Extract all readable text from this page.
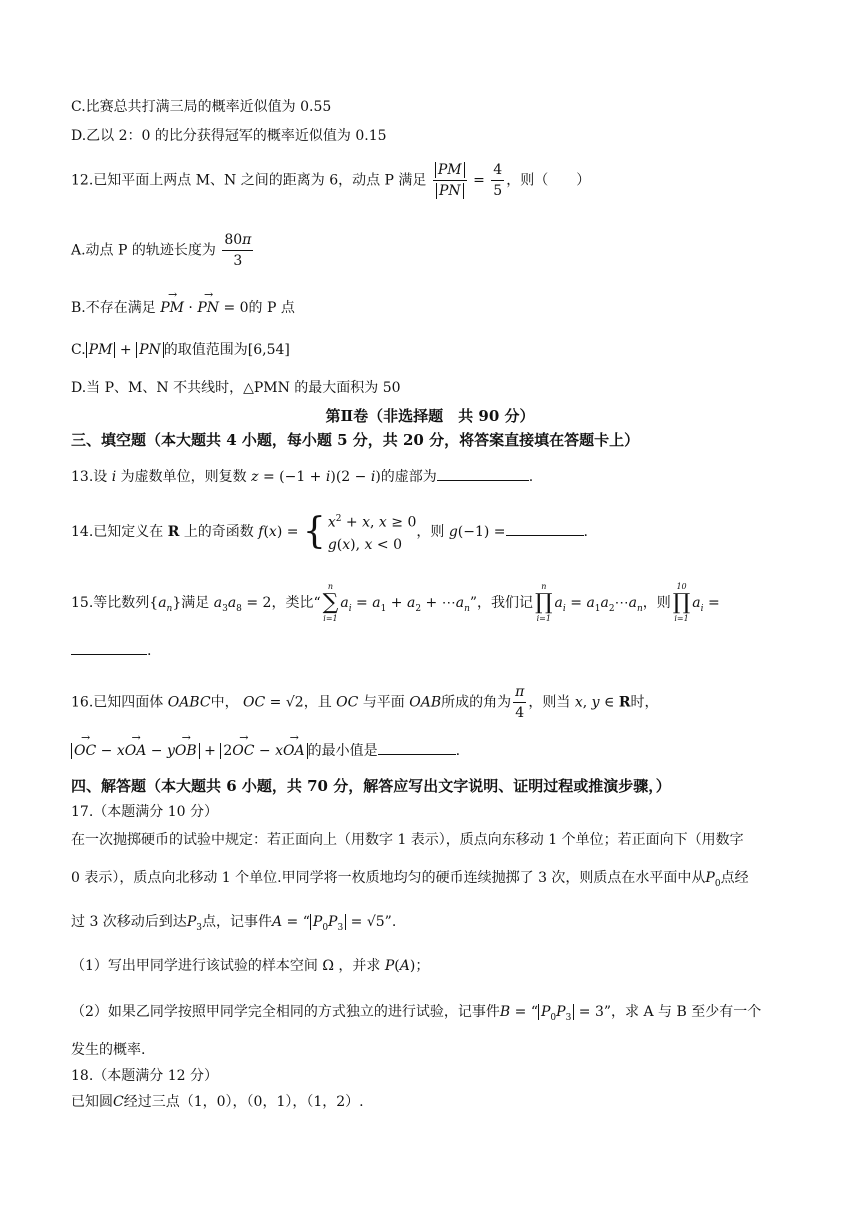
C.比赛总共打满三局的概率近似值为 0.55
D.乙以 2：0 的比分获得冠军的概率近似值为 0.15
12.已知平面上两点 M、N 之间的距离为 6，动点 P 满足 $\frac{PM}{PN} = \frac{4}{5}$ ，则（　　）
A.动点 P 的轨迹长度为 $\frac{80\pi}{3}$
B.不存在满足 → PM · → PN = 0的 P 点
C. PM + PN 的取值范围为[6,54]
D.当 P、M、N 不共线时，△PMN 的最大面积为 50
第Ⅱ卷（非选择题　共 90 分）
三、填空题（本大题共 4 小题，每小题 5 分，共 20 分，将答案直接填在答题卡上）
13.设 i 为虚数单位，则复数 z = (−1 + i)(2 − i)的虚部为	.
14.已知定义在 R 上的奇函数 f(x) = { $x^2 + x$, x ≥ 0
g(x), x < 0
，则 g(−1) =	.
15.等比数列$\{a_n\}$满足 $a_3a_8 = 2$，类比“
n
∑
i=1
$a_i = a_1 + a_2$ + $\cdots a_n$”，我们记
n
∏
i=1
$a_i$ = $a_1a_2\cdots a_n$，则
10
∏
i=1
$a_i$ =
.
16.已知四面体 OABC中， OC = √2，且 OC 与平面 OAB所成的角为 $\frac{\pi}{4}$ ，则当 x, y ∈ R时，
→ OC − x→ OA − y→ OB + 2→ OC − x→ OA 的最小值是	.
四、解答题（本大题共 6 小题，共 70 分，解答应写出文字说明、证明过程或推演步骤，）
17.（本题满分 10 分）
在一次抛掷硬币的试验中规定：若正面向上（用数字 1 表示），质点向东移动 1 个单位；若正面向下（用数字
0 表示），质点向北移动 1 个单位.甲同学将一枚质地均匀的硬币连续抛掷了 3 次，则质点在水平面中从$P_0$点经
过 3 次移动后到达$P_3$点，记事件A = “ $P_0P_3 = √5$”.
（1）写出甲同学进行该试验的样本空间 Ω ，并求 P(A)；
（2）如果乙同学按照甲同学完全相同的方式独立的进行试验，记事件B = “ $P_0P_3 = 3$”，求 A 与 B 至少有一个
发生的概率.
18.（本题满分 12 分）
已知圆C经过三点（1，0），（0，1），（1，2）.
